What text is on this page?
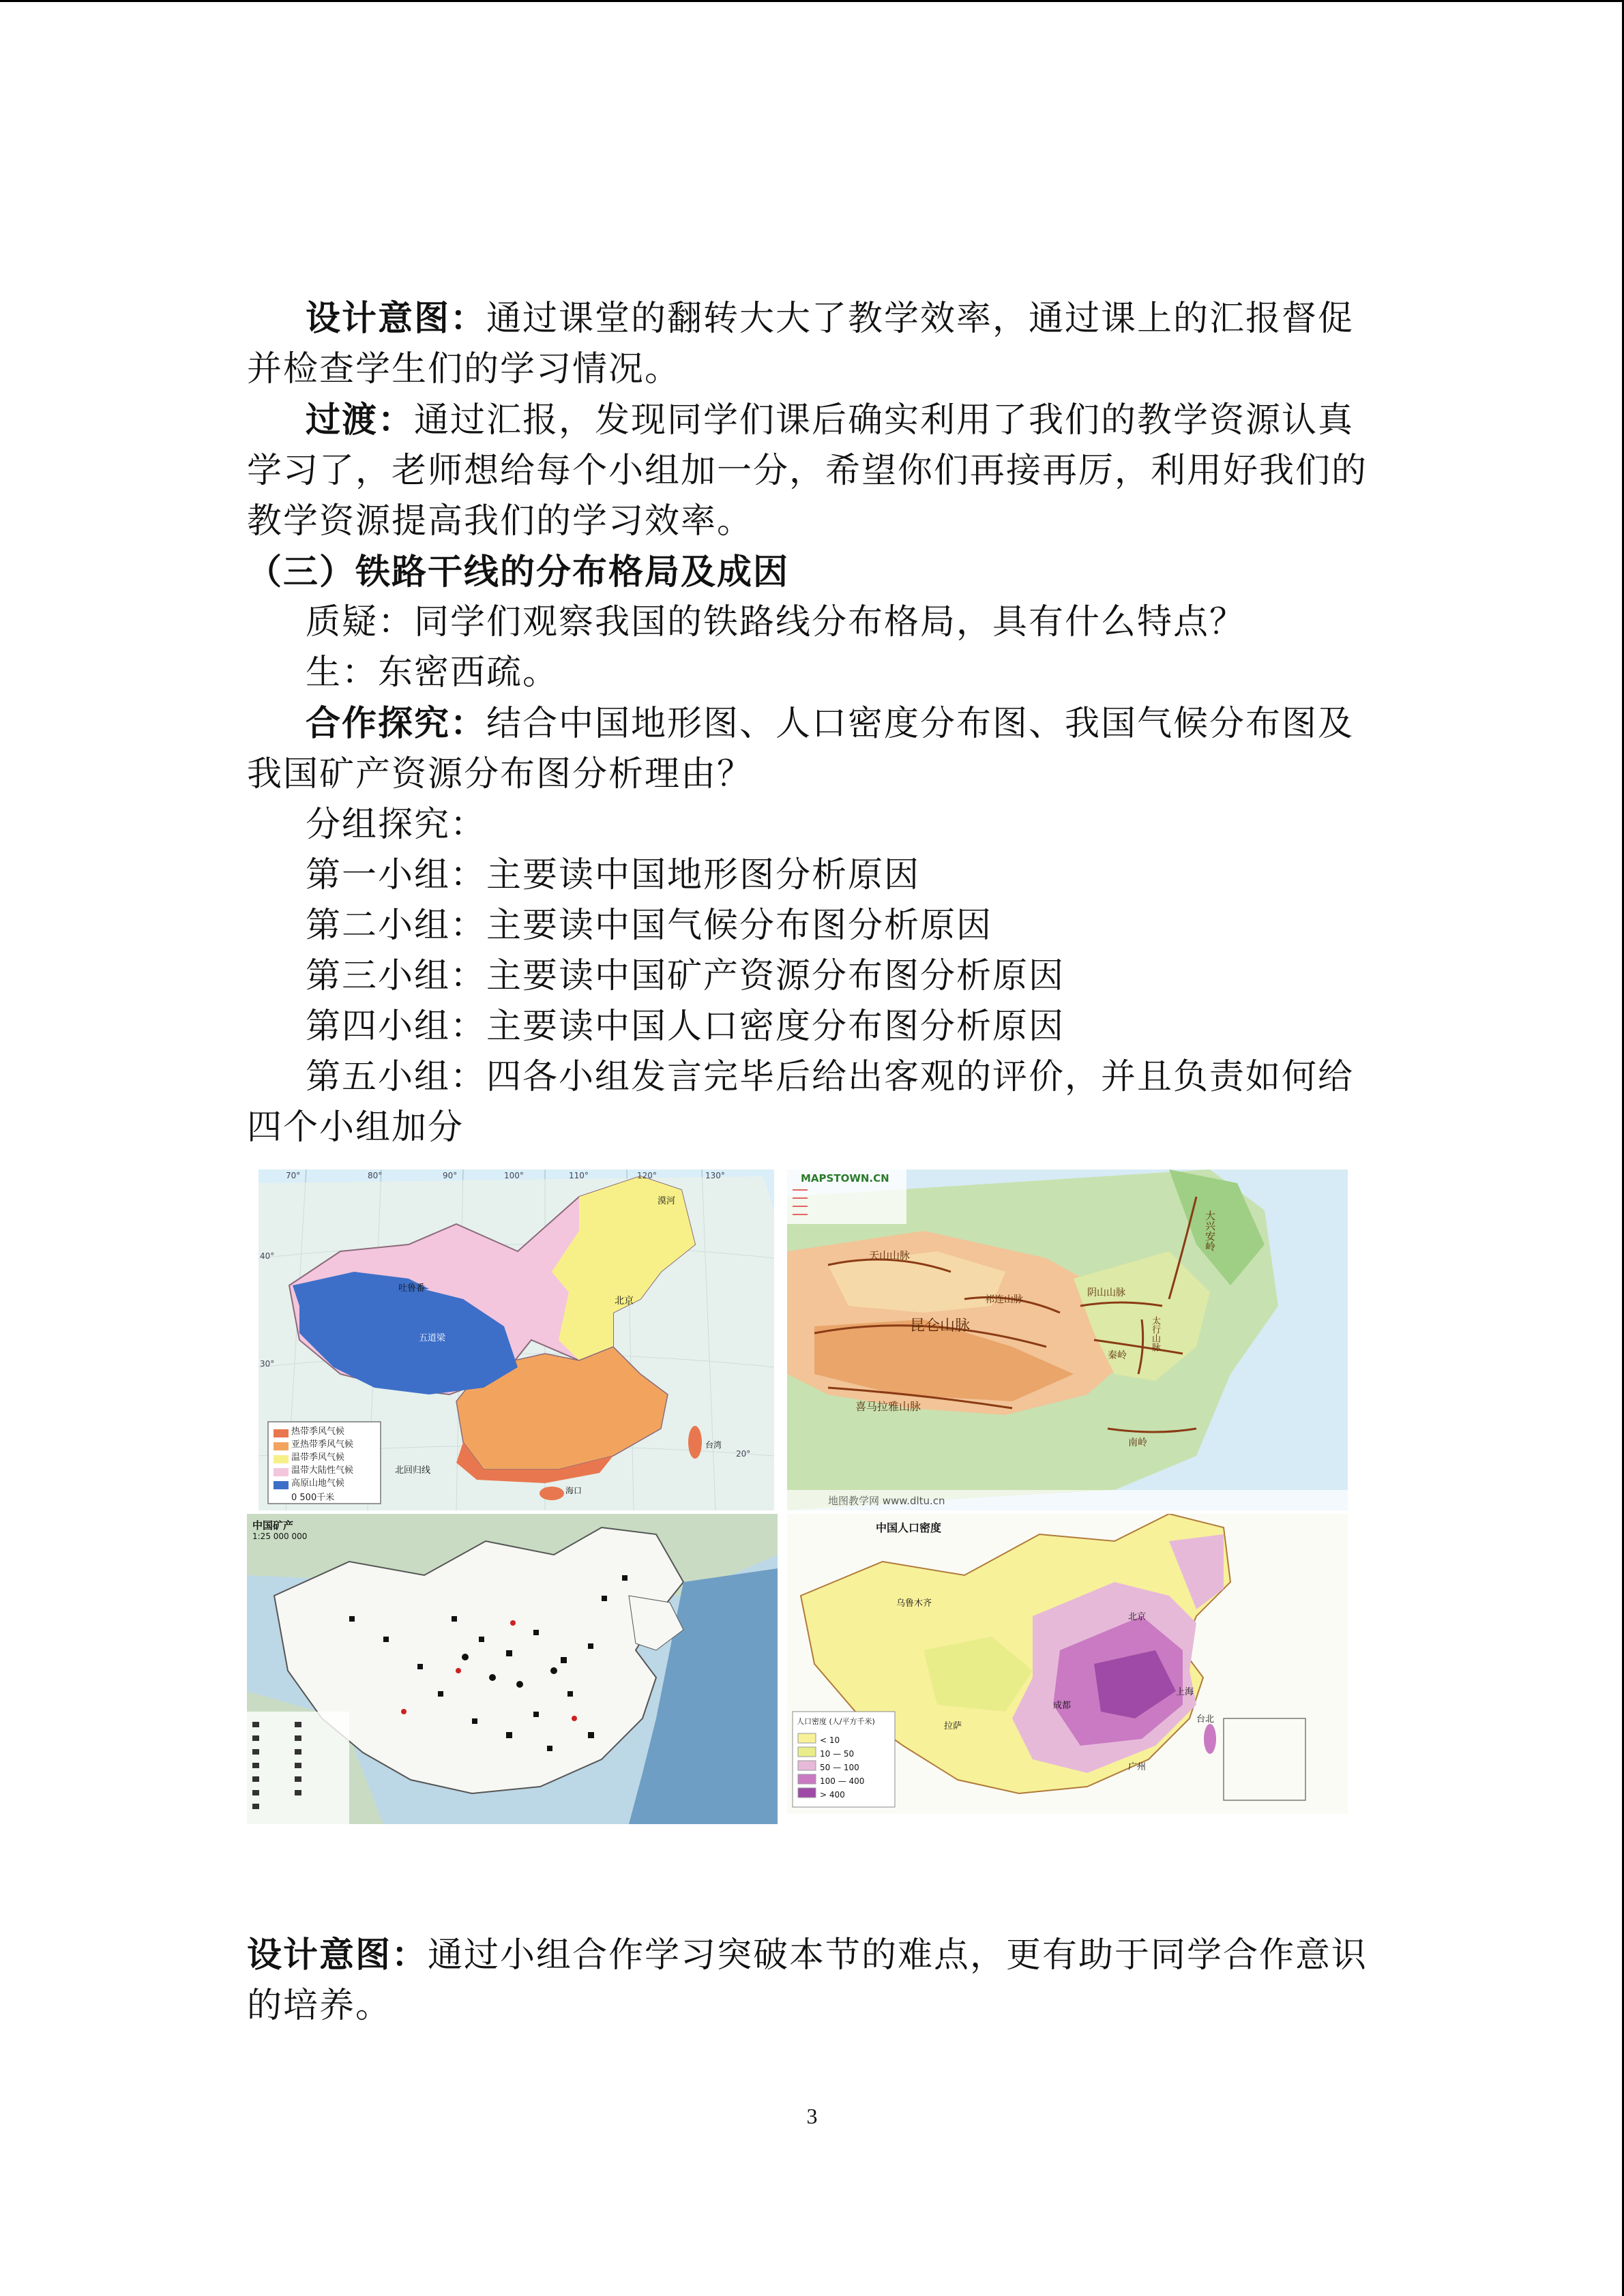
设计意图：通过课堂的翻转大大了教学效率，通过课上的汇报督促并检查学生们的学习情况。

过渡：通过汇报，发现同学们课后确实利用了我们的教学资源认真学习了，老师想给每个小组加一分，希望你们再接再厉，利用好我们的教学资源提高我们的学习效率。

（三）铁路干线的分布格局及成因

质疑：同学们观察我国的铁路线分布格局，具有什么特点？

生：东密西疏。

合作探究：结合中国地形图、人口密度分布图、我国气候分布图及我国矿产资源分布图分析理由？

分组探究：

第一小组：主要读中国地形图分析原因

第二小组：主要读中国气候分布图分析原因

第三小组：主要读中国矿产资源分布图分析原因

第四小组：主要读中国人口密度分布图分析原因

第五小组：四各小组发言完毕后给出客观的评价，并且负责如何给四个小组加分

热带季风气候
亚热带季风气候
温带季风气候
温带大陆性气候
高原山地气候
0 500千米
北京
漠河
吐鲁番
五道梁
北回归线
海口
台湾
70°	80°	90°	100°	110°	120°	130°
40°
30°
20°
MAPSTOWN.CN
地图教学网 www.dltu.cn
天山山脉
昆仑山脉
喜马拉雅山脉
大兴安岭
阴山山脉
秦岭
祁连山脉
太行山脉
南岭
中国矿产
1:25 000 000
中国人口密度
人口密度 (人/平方千米)
< 10
10 — 50
50 — 100
100 — 400
> 400
北京
上海
台北
乌鲁木齐
拉萨
成都
广州

设计意图：通过小组合作学习突破本节的难点，更有助于同学合作意识的培养。

3
